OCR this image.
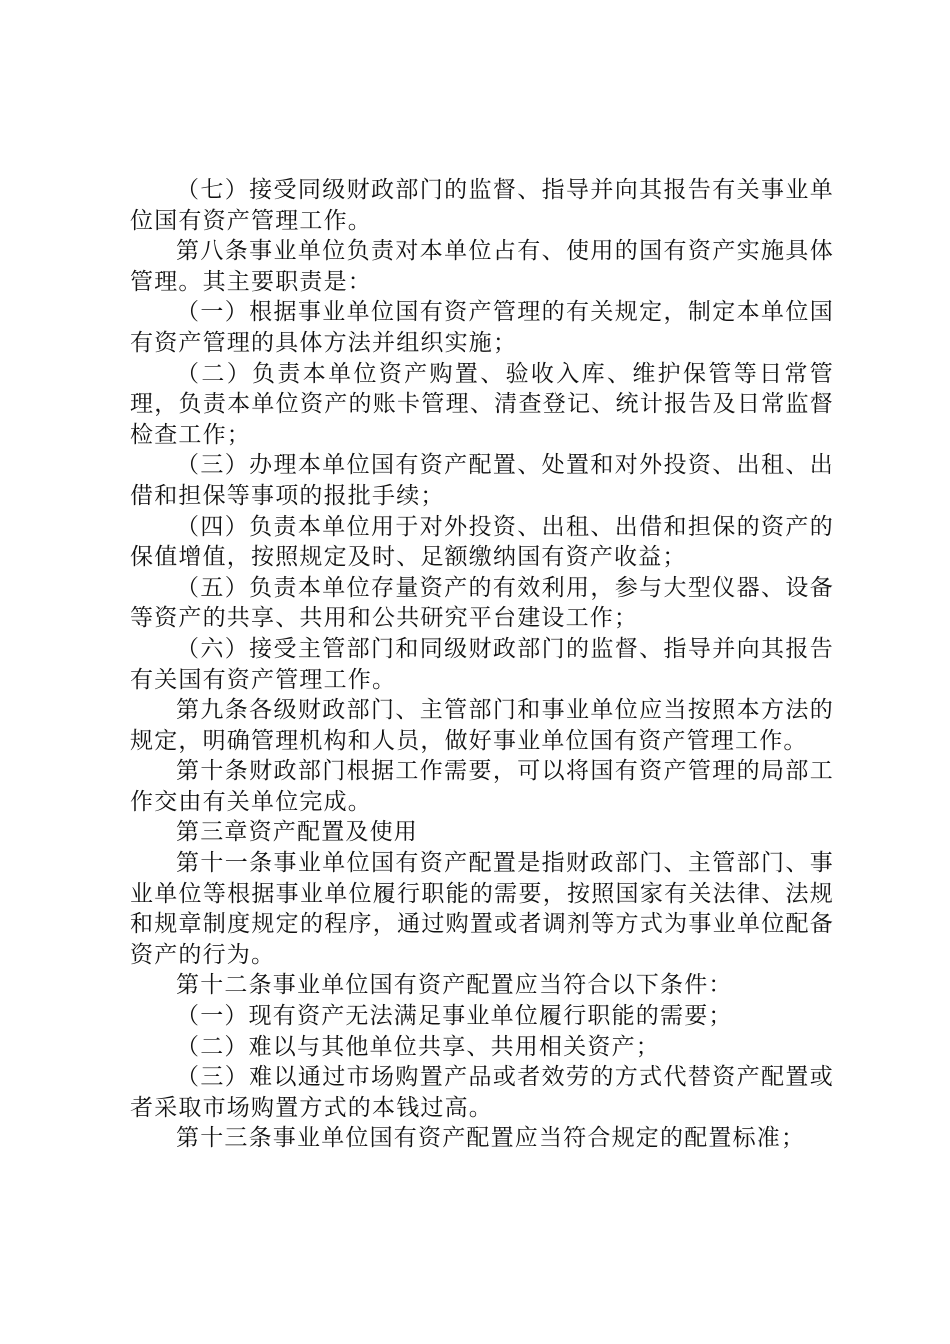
（七）接受同级财政部门的监督、指导并向其报告有关事业单位国有资产管理工作。

第八条事业单位负责对本单位占有、使用的国有资产实施具体管理。其主要职责是：

（一）根据事业单位国有资产管理的有关规定，制定本单位国有资产管理的具体方法并组织实施；

（二）负责本单位资产购置、验收入库、维护保管等日常管理，负责本单位资产的账卡管理、清查登记、统计报告及日常监督检查工作；

（三）办理本单位国有资产配置、处置和对外投资、出租、出借和担保等事项的报批手续；

（四）负责本单位用于对外投资、出租、出借和担保的资产的保值增值，按照规定及时、足额缴纳国有资产收益；

（五）负责本单位存量资产的有效利用，参与大型仪器、设备等资产的共享、共用和公共研究平台建设工作；

（六）接受主管部门和同级财政部门的监督、指导并向其报告有关国有资产管理工作。

第九条各级财政部门、主管部门和事业单位应当按照本方法的规定，明确管理机构和人员，做好事业单位国有资产管理工作。

第十条财政部门根据工作需要，可以将国有资产管理的局部工作交由有关单位完成。

第三章资产配置及使用

第十一条事业单位国有资产配置是指财政部门、主管部门、事业单位等根据事业单位履行职能的需要，按照国家有关法律、法规和规章制度规定的程序，通过购置或者调剂等方式为事业单位配备资产的行为。

第十二条事业单位国有资产配置应当符合以下条件：

（一）现有资产无法满足事业单位履行职能的需要；

（二）难以与其他单位共享、共用相关资产；

（三）难以通过市场购置产品或者效劳的方式代替资产配置或者采取市场购置方式的本钱过高。

第十三条事业单位国有资产配置应当符合规定的配置标准；
